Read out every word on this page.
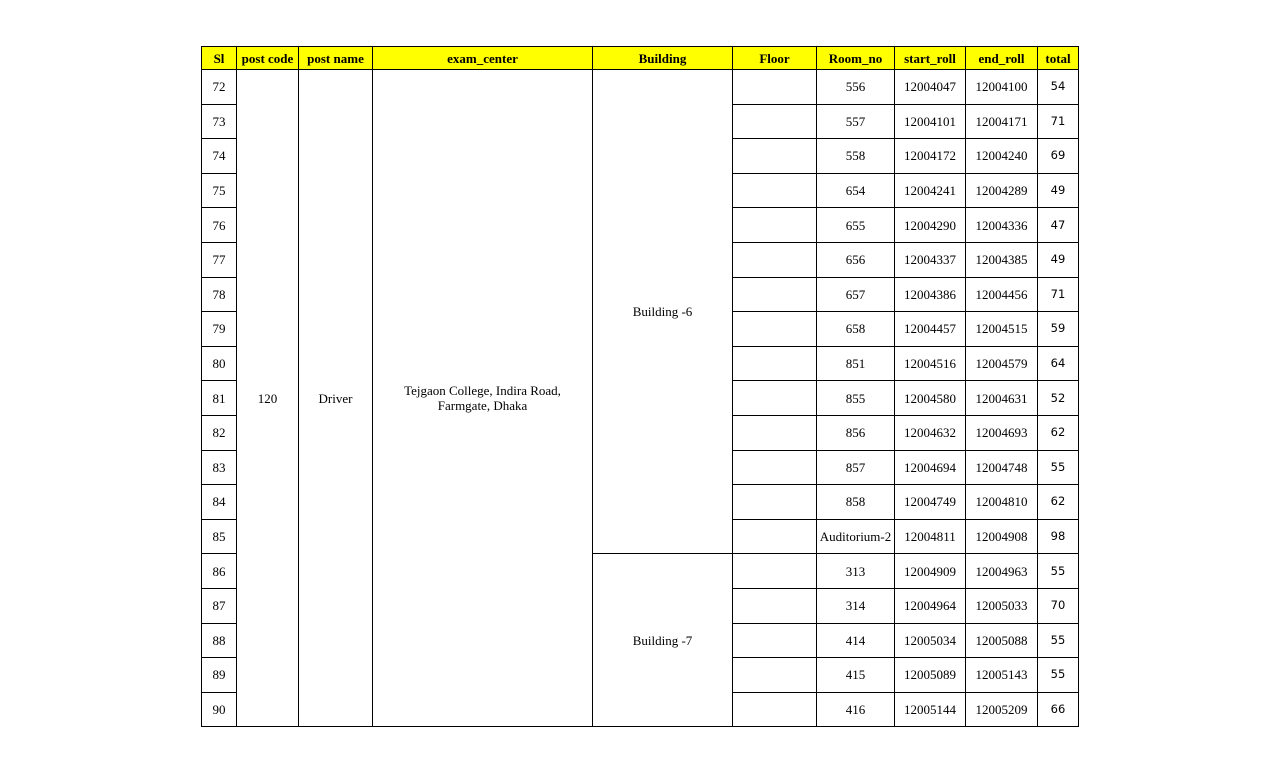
Sl	post code	post name	exam_center	Building	Floor	Room_no	start_roll	end_roll	total
72	120	Driver	Tejgaon College, Indira Road, Farmgate, Dhaka	Building -6		556	12004047	12004100	54
73						557	12004101	12004171	71
74						558	12004172	12004240	69
75						654	12004241	12004289	49
76						655	12004290	12004336	47
77						656	12004337	12004385	49
78						657	12004386	12004456	71
79						658	12004457	12004515	59
80						851	12004516	12004579	64
81						855	12004580	12004631	52
82						856	12004632	12004693	62
83						857	12004694	12004748	55
84						858	12004749	12004810	62
85						Auditorium-2	12004811	12004908	98
86				Building -7		313	12004909	12004963	55
87						314	12004964	12005033	70
88						414	12005034	12005088	55
89						415	12005089	12005143	55
90						416	12005144	12005209	66
